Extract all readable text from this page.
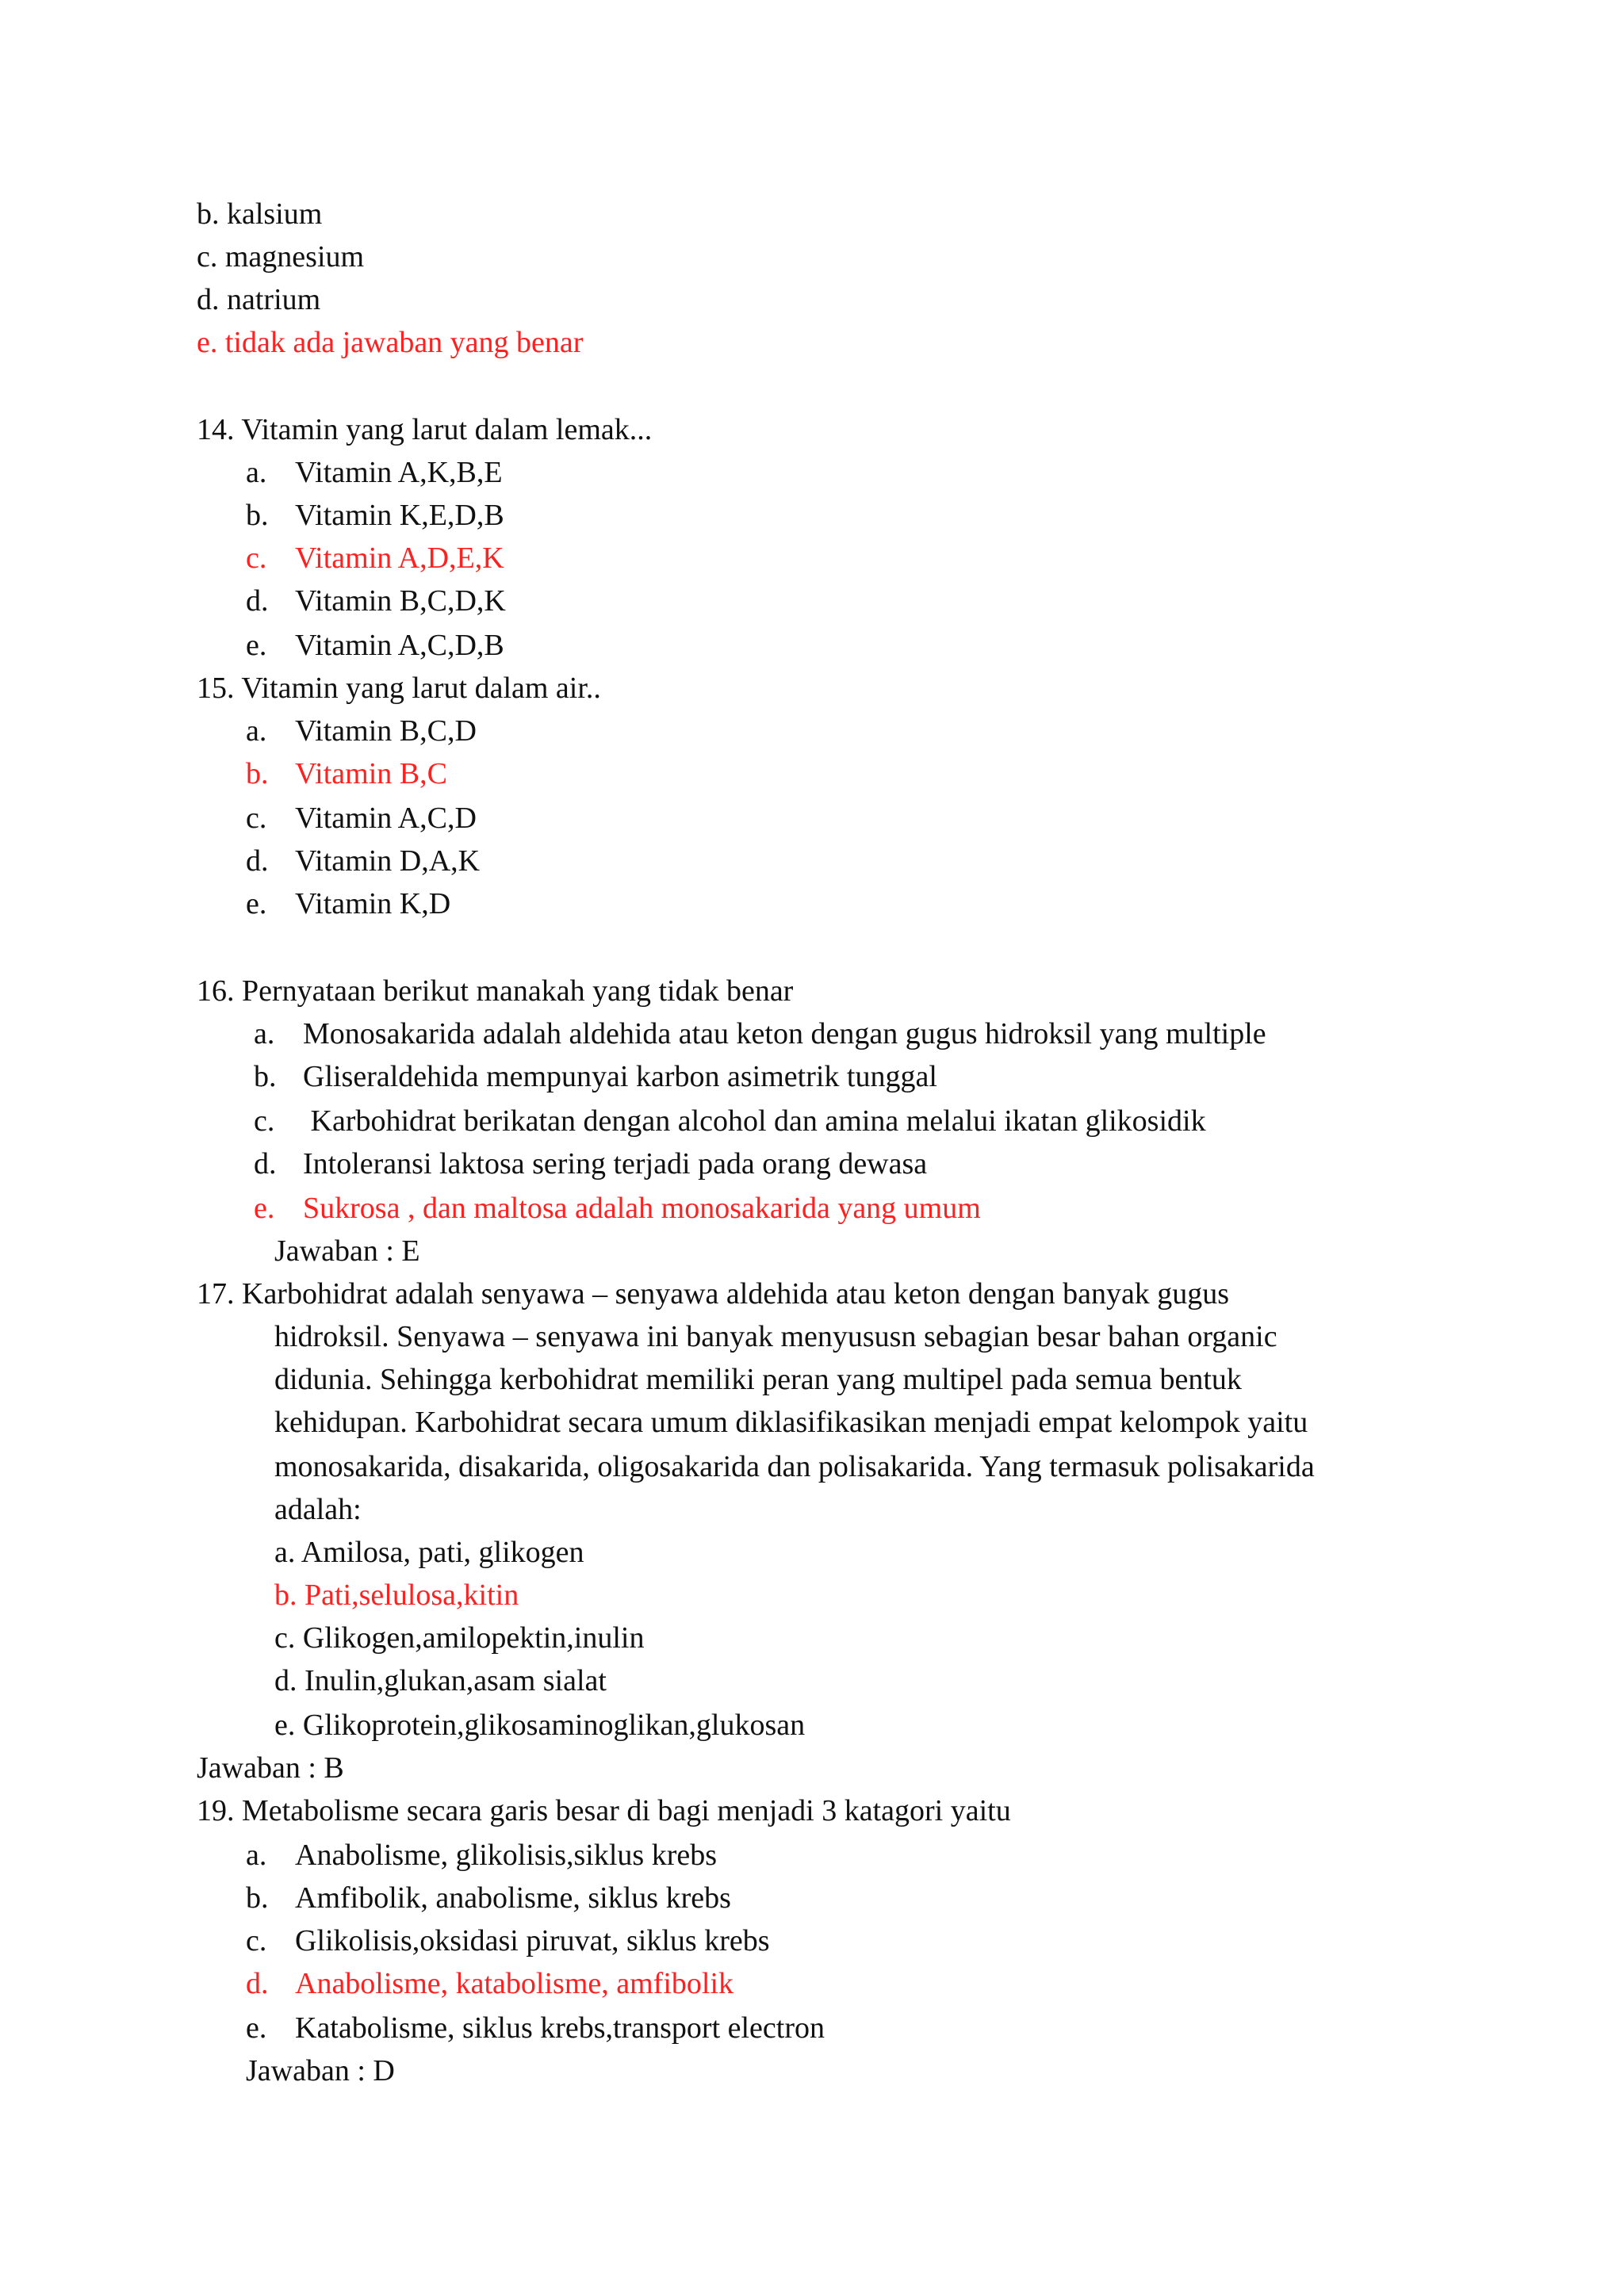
b. kalsium
c. magnesium
d. natrium
e. tidak ada jawaban yang benar
14. Vitamin yang larut dalam lemak...
a. Vitamin A,K,B,E
b. Vitamin K,E,D,B
c. Vitamin A,D,E,K
d. Vitamin B,C,D,K
e. Vitamin A,C,D,B
15. Vitamin yang larut dalam air..
a. Vitamin B,C,D
b. Vitamin B,C
c. Vitamin A,C,D
d. Vitamin D,A,K
e. Vitamin K,D
16. Pernyataan berikut manakah yang tidak benar
a. Monosakarida adalah aldehida atau keton dengan gugus hidroksil yang multiple
b. Gliseraldehida mempunyai karbon asimetrik tunggal
c. Karbohidrat berikatan dengan alcohol dan amina melalui ikatan glikosidik
d. Intoleransi laktosa sering terjadi pada orang dewasa
e. Sukrosa , dan maltosa adalah monosakarida yang umum
Jawaban : E
17. Karbohidrat adalah senyawa – senyawa aldehida atau keton dengan banyak gugus
hidroksil. Senyawa – senyawa ini banyak menyususn sebagian besar bahan organic
didunia. Sehingga kerbohidrat memiliki peran yang multipel pada semua bentuk
kehidupan. Karbohidrat secara umum diklasifikasikan menjadi empat kelompok yaitu
monosakarida, disakarida, oligosakarida dan polisakarida. Yang termasuk polisakarida
adalah:
a. Amilosa, pati, glikogen
b. Pati,selulosa,kitin
c. Glikogen,amilopektin,inulin
d. Inulin,glukan,asam sialat
e. Glikoprotein,glikosaminoglikan,glukosan
Jawaban : B
19. Metabolisme secara garis besar di bagi menjadi 3 katagori yaitu
a. Anabolisme, glikolisis,siklus krebs
b. Amfibolik, anabolisme, siklus krebs
c. Glikolisis,oksidasi piruvat, siklus krebs
d. Anabolisme, katabolisme, amfibolik
e. Katabolisme, siklus krebs,transport electron
Jawaban : D
